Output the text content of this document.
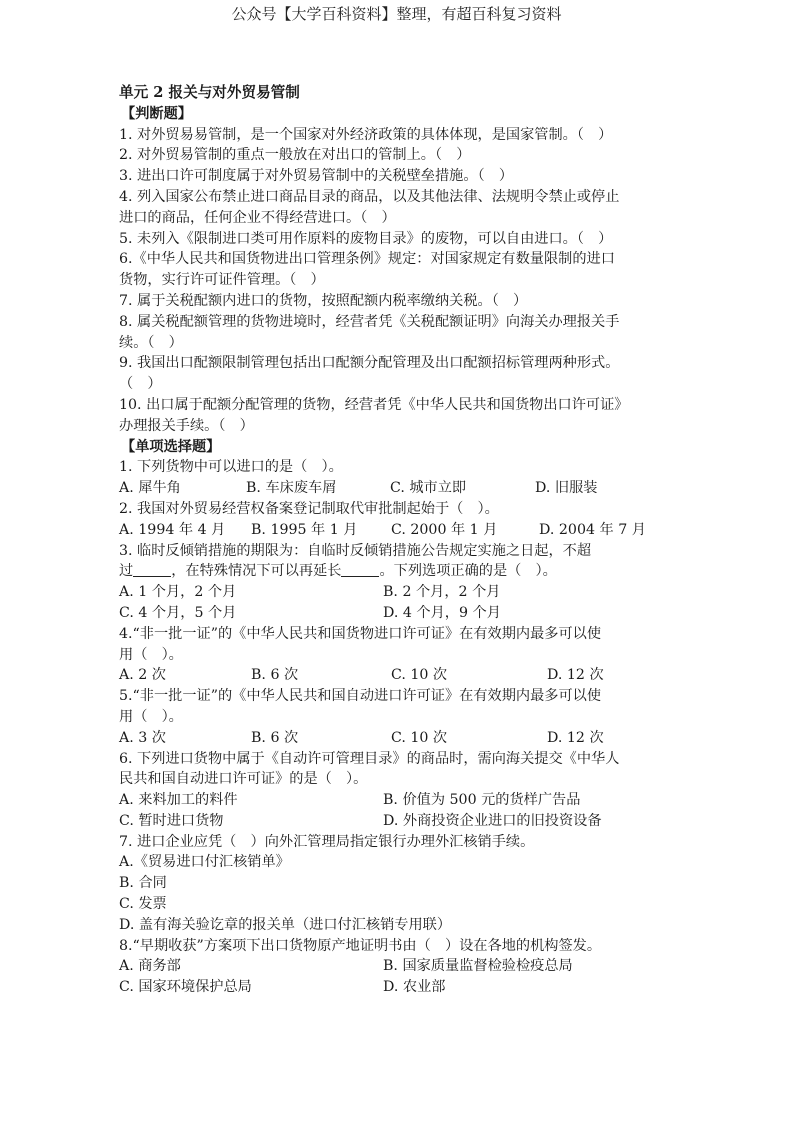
公众号【大学百科资料】整理，有超百科复习资料

单元 2 报关与对外贸易管制

【判断题】

1. 对外贸易易管制，是一个国家对外经济政策的具体体现，是国家管制。（　）

2. 对外贸易管制的重点一般放在对出口的管制上。（　）

3. 进出口许可制度属于对外贸易管制中的关税壁垒措施。（　）

4. 列入国家公布禁止进口商品目录的商品，以及其他法律、法规明令禁止或停止

进口的商品，任何企业不得经营进口。（　）

5. 未列入《限制进口类可用作原料的废物目录》的废物，可以自由进口。（　）

6.《中华人民共和国货物进出口管理条例》规定：对国家规定有数量限制的进口

货物，实行许可证件管理。（　）

7. 属于关税配额内进口的货物，按照配额内税率缴纳关税。（　）

8. 属关税配额管理的货物进境时，经营者凭《关税配额证明》向海关办理报关手

续。（　）

9. 我国出口配额限制管理包括出口配额分配管理及出口配额招标管理两种形式。

（　）

10. 出口属于配额分配管理的货物，经营者凭《中华人民共和国货物出口许可证》

办理报关手续。（　）

【单项选择题】

1. 下列货物中可以进口的是（　）。

A. 犀牛角	B. 车床废车屑	C. 城市立即	D. 旧服装

2. 我国对外贸易经营权备案登记制取代审批制起始于（　）。

A. 1994 年 4 月	B. 1995 年 1 月	C. 2000 年 1 月	D. 2004 年 7 月

3. 临时反倾销措施的期限为：自临时反倾销措施公告规定实施之日起，不超

过	，在特殊情况下可以再延长	。下列选项正确的是（　）。

A. 1 个月，2 个月	B. 2 个月，2 个月
C. 4 个月，5 个月	D. 4 个月，9 个月

4.“非一批一证”的《中华人民共和国货物进口许可证》在有效期内最多可以使

用（　）。

A. 2 次	B. 6 次	C. 10 次	D. 12 次

5.“非一批一证”的《中华人民共和国自动进口许可证》在有效期内最多可以使

用（　）。

A. 3 次	B. 6 次	C. 10 次	D. 12 次

6. 下列进口货物中属于《自动许可管理目录》的商品时，需向海关提交《中华人

民共和国自动进口许可证》的是（　）。

A. 来料加工的料件	B. 价值为 500 元的货样广告品
C. 暂时进口货物	D. 外商投资企业进口的旧投资设备

7. 进口企业应凭（　）向外汇管理局指定银行办理外汇核销手续。

A.《贸易进口付汇核销单》

B. 合同

C. 发票

D. 盖有海关验讫章的报关单（进口付汇核销专用联）

8.“早期收获”方案项下出口货物原产地证明书由（　）设在各地的机构签发。

A. 商务部	B. 国家质量监督检验检疫总局
C. 国家环境保护总局	D. 农业部
